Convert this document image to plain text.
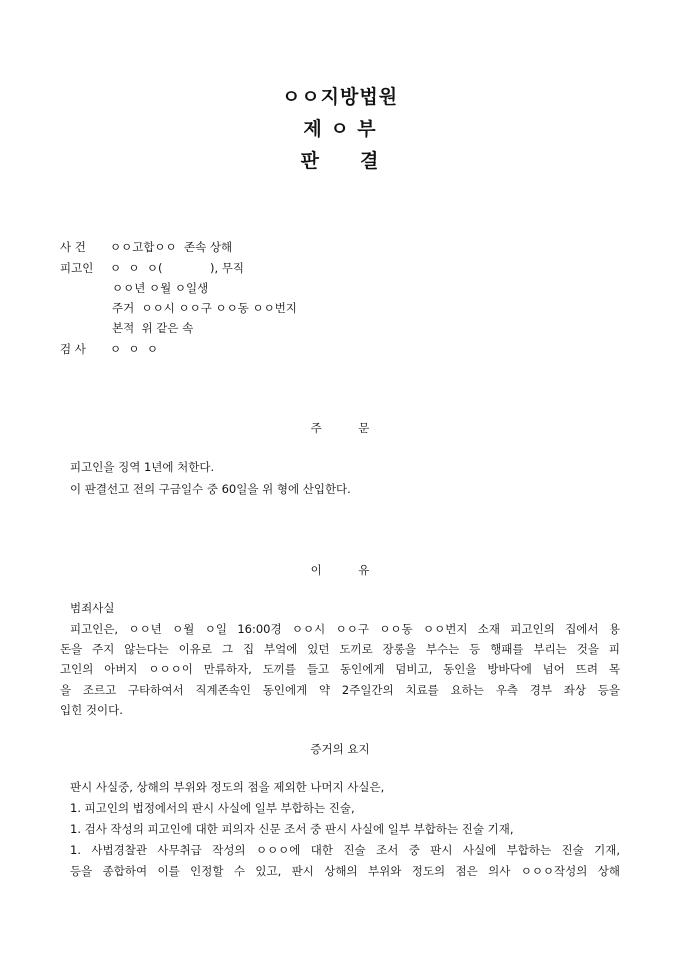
ㅇㅇ지방법원
제 ㅇ 부
판　　결
사 건 ㅇㅇ고합ㅇㅇ  존속 상해
피고인 ㅇ  ㅇ  ㅇ(             ), 무직
ㅇㅇ년 ㅇ월 ㅇ일생
주거  ㅇㅇ시 ㅇㅇ구 ㅇㅇ동 ㅇㅇ번지
본적  위 같은 속
검 사 ㅇ  ㅇ  ㅇ
주          문
피고인을 징역 1년에 처한다.
이 판결선고 전의 구금일수 중 60일을 위 형에 산입한다.
이          유
범죄사실
피고인은, ㅇㅇ년 ㅇ월 ㅇ일 16:00경 ㅇㅇ시 ㅇㅇ구 ㅇㅇ동 ㅇㅇ번지 소재 피고인의 집에서 용
돈을 주지 않는다는 이유로 그 집 부엌에 있던 도끼로 장롱을 부수는 등 행패를 부리는 것을 피
고인의 아버지 ㅇㅇㅇ이 만류하자, 도끼를 들고 동인에게 덤비고, 동인을 방바닥에 넘어 뜨려 목
을 조르고 구타하여서 직계존속인 동인에게 약 2주일간의 치료를 요하는 우측 경부 좌상 등을
입힌 것이다.
증거의 요지
판시 사실중, 상해의 부위와 정도의 점을 제외한 나머지 사실은,
1. 피고인의 법정에서의 판시 사실에 일부 부합하는 진술,
1. 검사 작성의 피고인에 대한 피의자 신문 조서 중 판시 사실에 일부 부합하는 진술 기재,
1. 사법경찰관 사무취급 작성의 ㅇㅇㅇ에 대한 진술 조서 중 판시 사실에 부합하는 진술 기재,
등을 종합하여 이를 인정할 수 있고, 판시 상해의 부위와 정도의 점은 의사 ㅇㅇㅇ작성의 상해
